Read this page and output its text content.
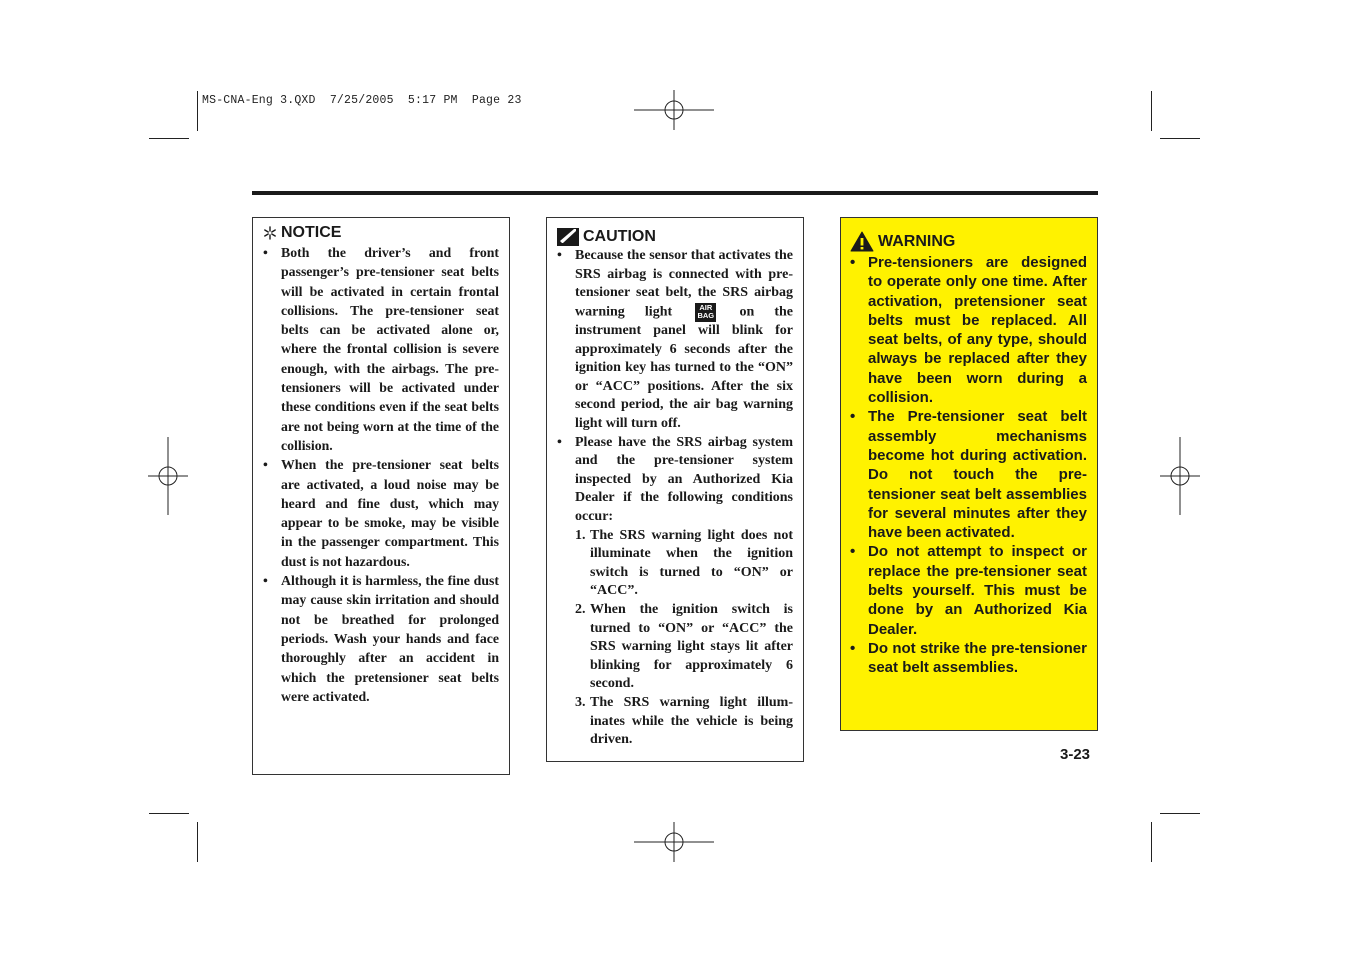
MS-CNA-Eng 3.QXD  7/25/2005  5:17 PM  Page 23
NOTICE
• Both the driver’s and front passenger’s pre-tensioner seat belts will be activated in certain frontal collisions. The pre-tensioner seat belts can be activated alone or, where the frontal collision is severe enough, with the airbags. The pre-tensioners will be activated under these conditions even if the seat belts are not being worn at the time of the collision.
• When the pre-tensioner seat belts are activated, a loud noise may be heard and fine dust, which may appear to be smoke, may be visible in the passenger compartment. This dust is not hazardous.
• Although it is harmless, the fine dust may cause skin irritation and should not be breathed for prolonged periods. Wash your hands and face thoroughly after an accident in which the pretensioner seat belts were activated.
CAUTION
• Because the sensor that activates the SRS airbag is connected with pre-tensioner seat belt, the SRS airbag warning light	AIR
BAG on the instrument panel will blink for approximately 6 seconds after the ignition key has turned to the “ON” or “ACC” positions. After the six second period, the air bag warning light will turn off.
• Please have the SRS airbag system and the pre-tensioner system inspected by an Authorized Kia Dealer if the following conditions occur:
1. The SRS warning light does not illuminate when the ignition switch is turned to “ON” or “ACC”.
2. When the ignition switch is turned to “ON” or “ACC” the SRS warning light stays lit after blinking for approximately 6 second.
3. The SRS warning light illum-inates while the vehicle is being driven.
WARNING
• Pre-tensioners are designed to operate only one time. After activation, pretensioner seat belts must be replaced. All seat belts, of any type, should always be replaced after they have been worn during a collision.
• The Pre-tensioner seat belt assembly mechanisms become hot during activation. Do not touch the pre-tensioner seat belt assemblies for several minutes after they have been activated.
• Do not attempt to inspect or replace the pre-tensioner seat belts yourself. This must be done by an Authorized Kia Dealer.
• Do not strike the pre-tensioner seat belt assemblies.
3-23
